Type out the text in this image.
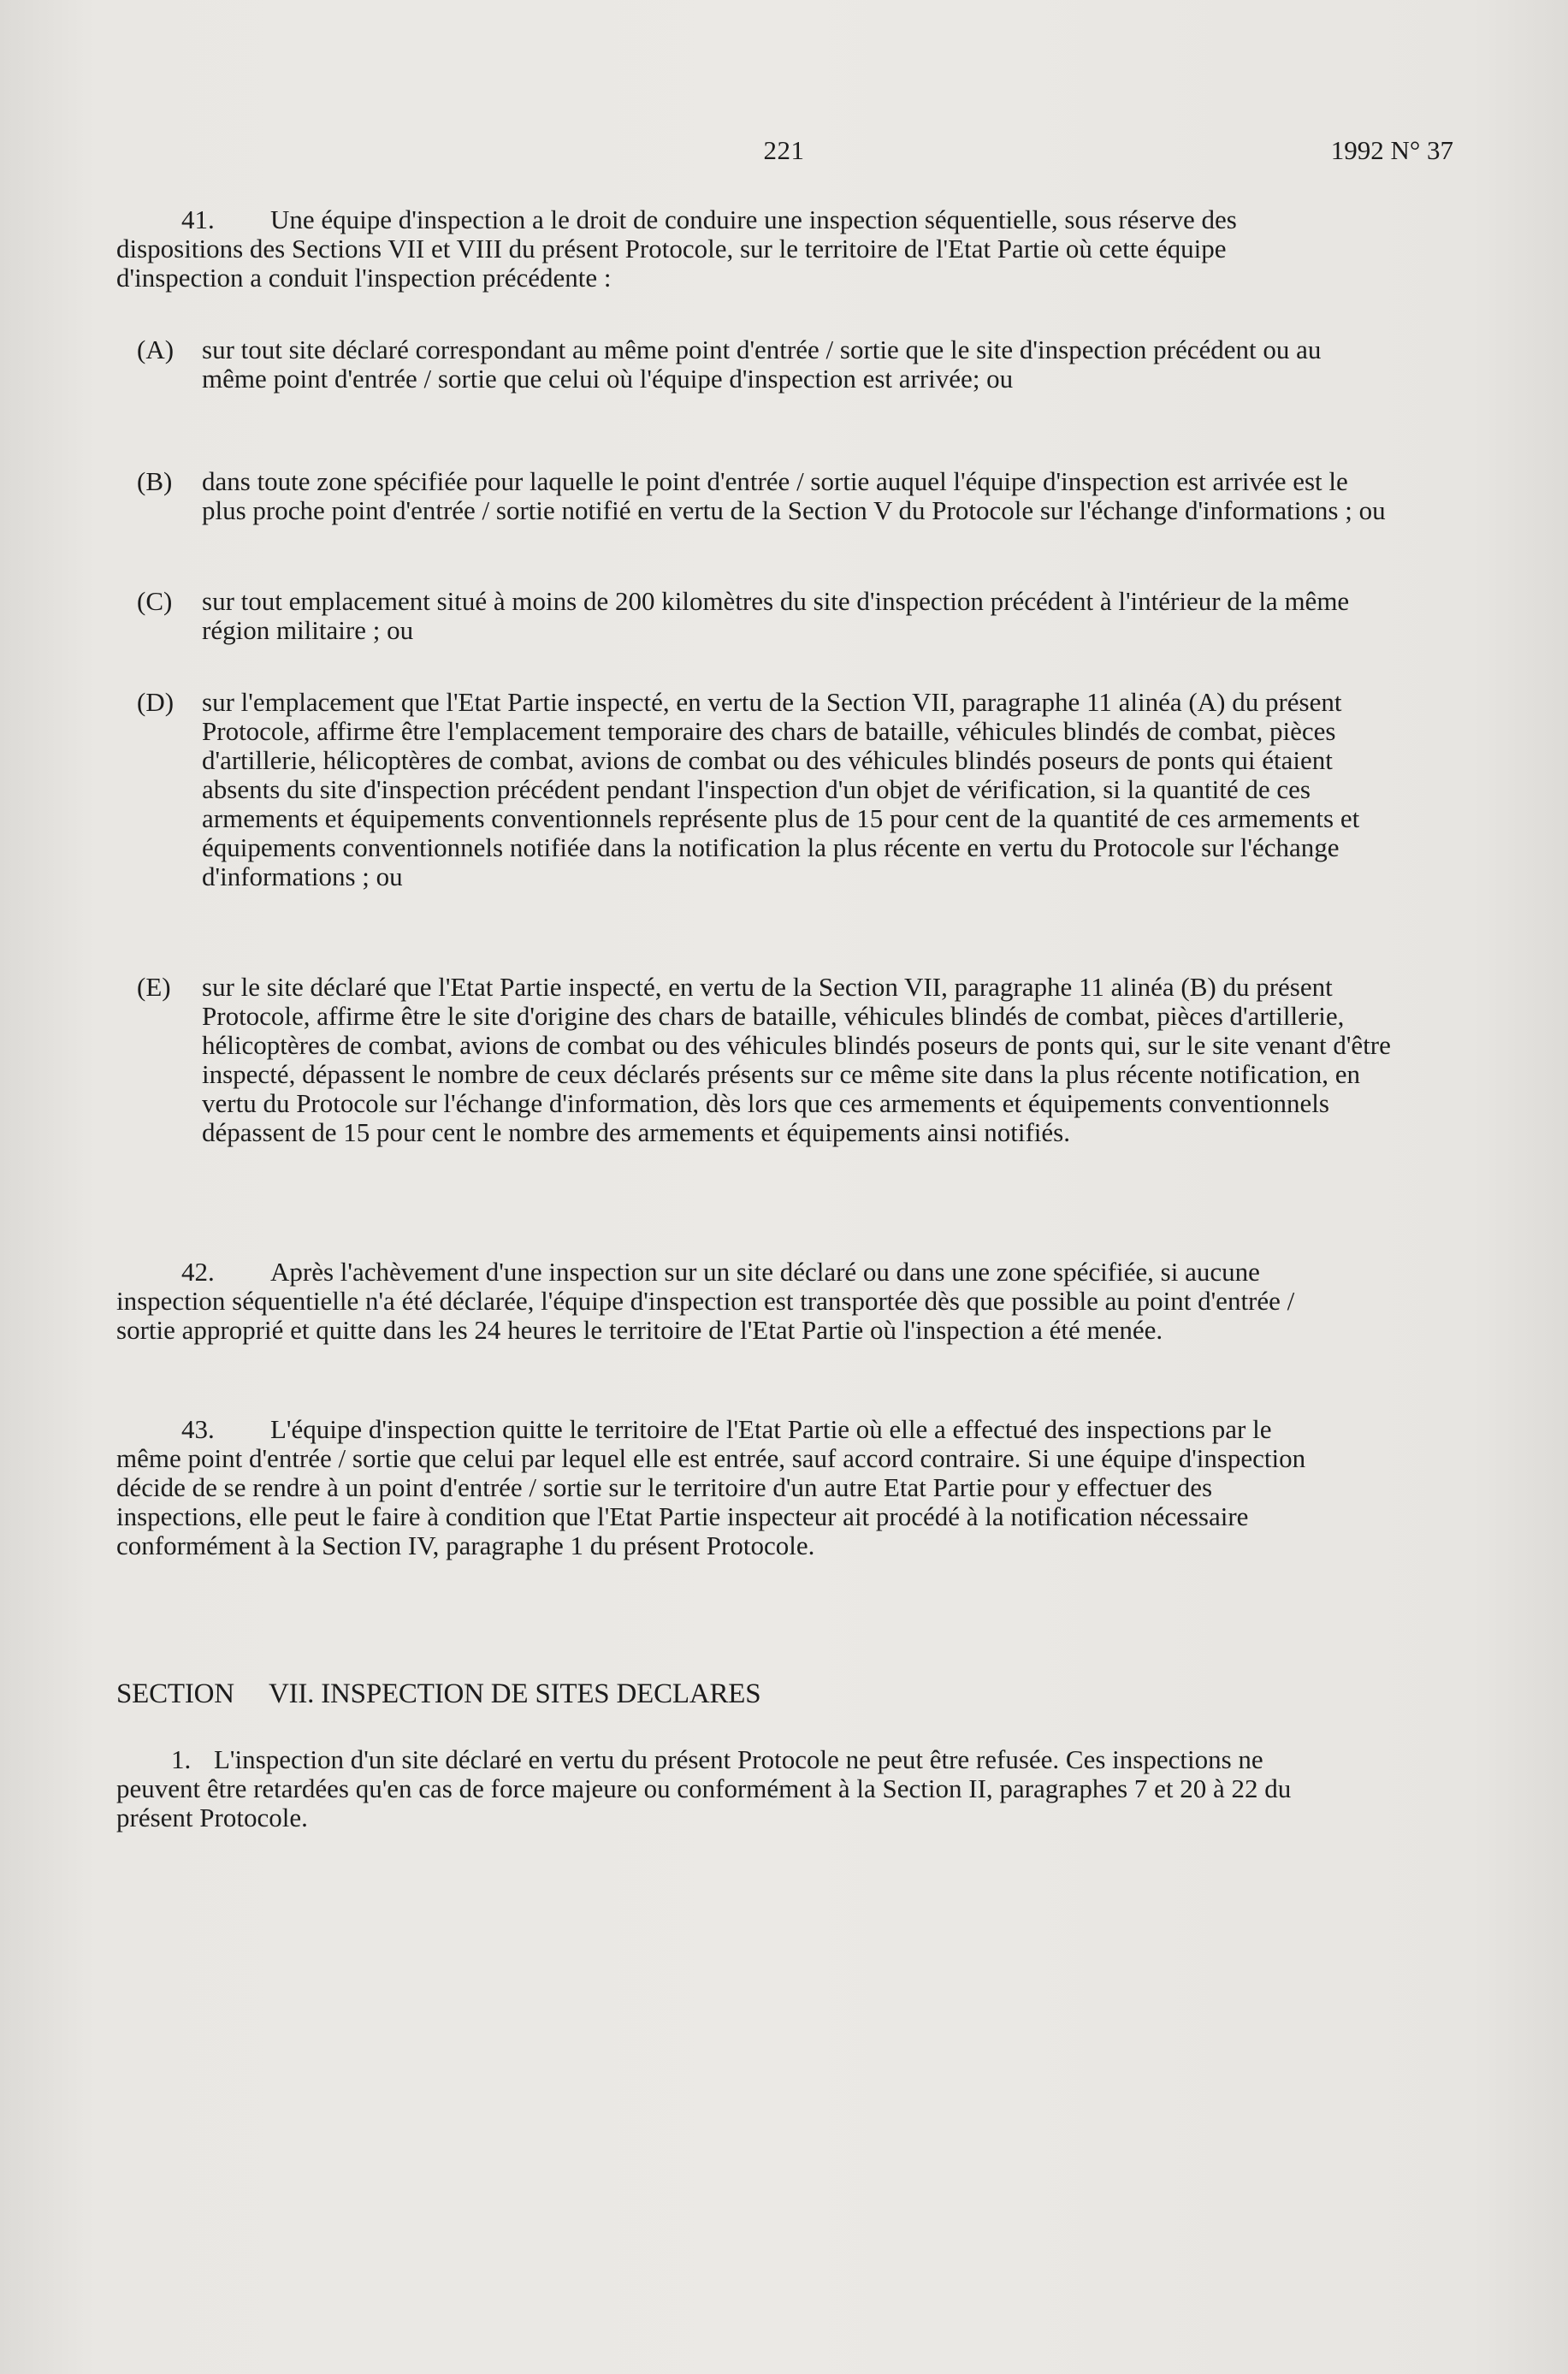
221	1992 N° 37
41. Une équipe d'inspection a le droit de conduire une inspection séquentielle, sous réserve des dispositions des Sections VII et VIII du présent Protocole, sur le territoire de l'Etat Partie où cette équipe d'inspection a conduit l'inspection précédente :
(A) sur tout site déclaré correspondant au même point d'entrée / sortie que le site d'inspection précédent ou au même point d'entrée / sortie que celui où l'équipe d'inspection est arrivée; ou
(B) dans toute zone spécifiée pour laquelle le point d'entrée / sortie auquel l'équipe d'inspection est arrivée est le plus proche point d'entrée / sortie notifié en vertu de la Section V du Protocole sur l'échange d'informations ; ou
(C) sur tout emplacement situé à moins de 200 kilomètres du site d'inspection précédent à l'intérieur de la même région militaire ; ou
(D) sur l'emplacement que l'Etat Partie inspecté, en vertu de la Section VII, paragraphe 11 alinéa (A) du présent Protocole, affirme être l'emplacement temporaire des chars de bataille, véhicules blindés de combat, pièces d'artillerie, hélicoptères de combat, avions de combat ou des véhicules blindés poseurs de ponts qui étaient absents du site d'inspection précédent pendant l'inspection d'un objet de vérification, si la quantité de ces armements et équipements conventionnels représente plus de 15 pour cent de la quantité de ces armements et équipements conventionnels notifiée dans la notification la plus récente en vertu du Protocole sur l'échange d'informations ; ou
(E) sur le site déclaré que l'Etat Partie inspecté, en vertu de la Section VII, paragraphe 11 alinéa (B) du présent Protocole, affirme être le site d'origine des chars de bataille, véhicules blindés de combat, pièces d'artillerie, hélicoptères de combat, avions de combat ou des véhicules blindés poseurs de ponts qui, sur le site venant d'être inspecté, dépassent le nombre de ceux déclarés présents sur ce même site dans la plus récente notification, en vertu du Protocole sur l'échange d'information, dès lors que ces armements et équipements conventionnels dépassent de 15 pour cent le nombre des armements et équipements ainsi notifiés.
42. Après l'achèvement d'une inspection sur un site déclaré ou dans une zone spécifiée, si aucune inspection séquentielle n'a été déclarée, l'équipe d'inspection est transportée dès que possible au point d'entrée / sortie approprié et quitte dans les 24 heures le territoire de l'Etat Partie où l'inspection a été menée.
43. L'équipe d'inspection quitte le territoire de l'Etat Partie où elle a effectué des inspections par le même point d'entrée / sortie que celui par lequel elle est entrée, sauf accord contraire. Si une équipe d'inspection décide de se rendre à un point d'entrée / sortie sur le territoire d'un autre Etat Partie pour y effectuer des inspections, elle peut le faire à condition que l'Etat Partie inspecteur ait procédé à la notification nécessaire conformément à la Section IV, paragraphe 1 du présent Protocole.
SECTION VII. INSPECTION DE SITES DECLARES
1. L'inspection d'un site déclaré en vertu du présent Protocole ne peut être refusée. Ces inspections ne peuvent être retardées qu'en cas de force majeure ou conformément à la Section II, paragraphes 7 et 20 à 22 du présent Protocole.
